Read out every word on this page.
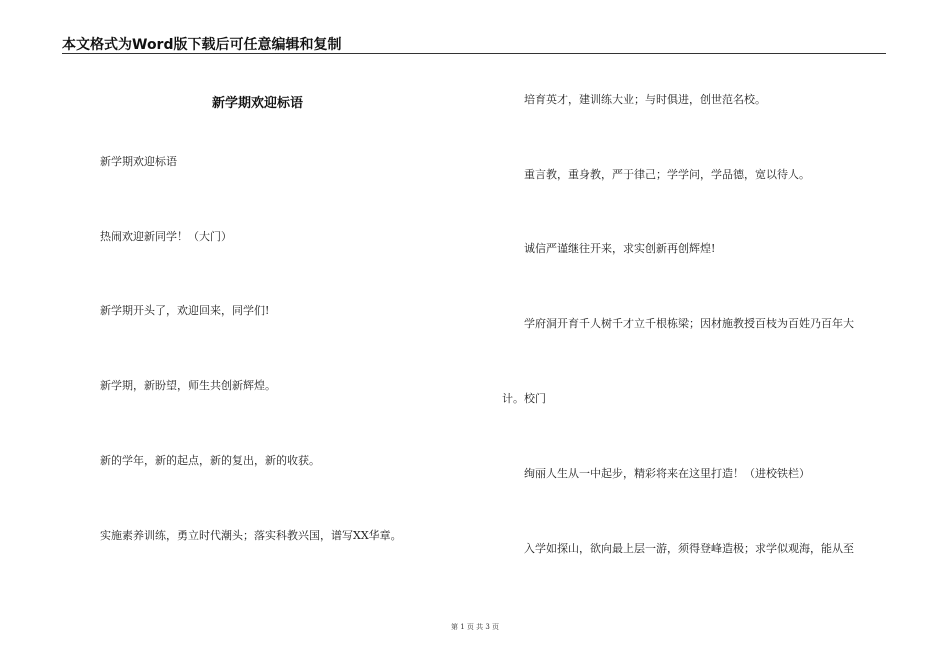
本文格式为Word版下载后可任意编辑和复制
新学期欢迎标语
新学期欢迎标语
热闹欢迎新同学！（大门）
新学期开头了，欢迎回来，同学们!
新学期，新盼望，师生共创新辉煌。
新的学年，新的起点，新的复出，新的收获。
实施素养训练，勇立时代潮头；落实科教兴国，谱写XX华章。
培育英才，建训练大业；与时俱进，创世范名校。
重言教，重身教，严于律己；学学问，学品德，宽以待人。
诚信严谨继往开来，求实创新再创辉煌!
学府洞开育千人树千才立千根栋梁；因材施教授百枝为百姓乃百年大
计。校门
绚丽人生从一中起步，精彩将来在这里打造！（进校铁栏）
入学如探山，欲向最上层一游，须得登峰造极；求学似观海，能从至
第 1 页 共 3 页
